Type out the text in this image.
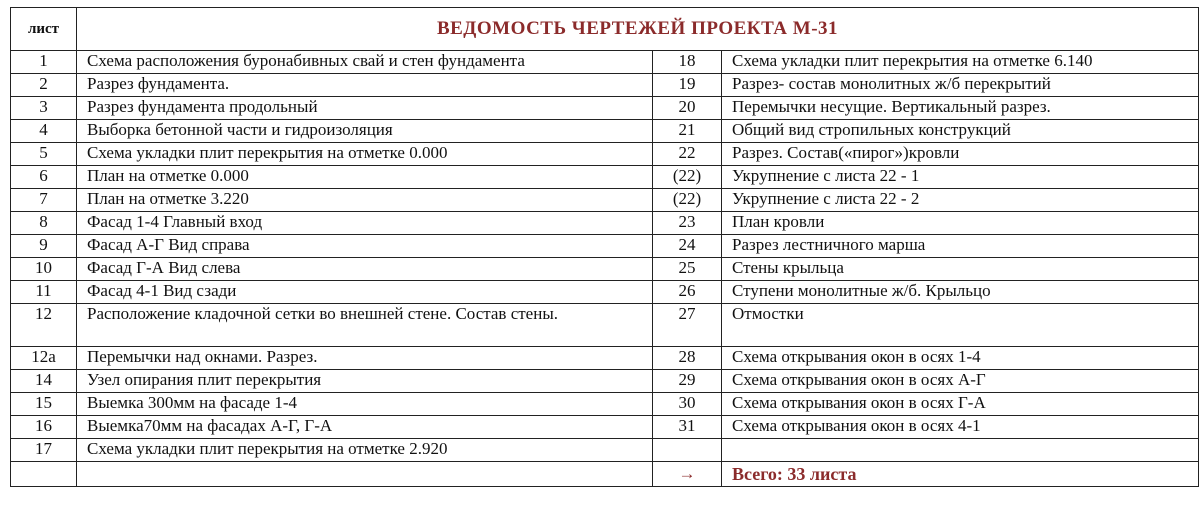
лист	ВЕДОМОСТЬ ЧЕРТЕЖЕЙ ПРОЕКТА М-31		
1	Схема расположения буронабивных свай и стен фундамента	18	Схема укладки плит перекрытия на отметке 6.140
2	Разрез фундамента.	19	Разрез- состав монолитных ж/б перекрытий
3	Разрез фундамента продольный	20	Перемычки несущие. Вертикальный разрез.
4	Выборка бетонной части и гидроизоляция	21	Общий вид стропильных конструкций
5	Схема укладки плит перекрытия на отметке 0.000	22	Разрез. Состав(«пирог»)кровли
6	План на отметке 0.000	(22)	Укрупнение с листа 22 - 1
7	План на отметке 3.220	(22)	Укрупнение с листа 22 - 2
8	Фасад 1-4 Главный вход	23	План кровли
9	Фасад А-Г Вид справа	24	Разрез лестничного марша
10	Фасад Г-А Вид слева	25	Стены крыльца
11	Фасад 4-1 Вид сзади	26	Ступени монолитные ж/б. Крыльцо
12	Расположение кладочной сетки во внешней стене. Состав стены.	27	Отмостки
12а	Перемычки над окнами. Разрез.	28	Схема открывания окон в осях 1-4
14	Узел опирания плит перекрытия	29	Схема открывания окон в осях А-Г
15	Выемка 300мм на фасаде 1-4	30	Схема открывания окон в осях Г-А
16	Выемка70мм на фасадах А-Г, Г-А	31	Схема открывания окон в осях 4-1
17	Схема укладки плит перекрытия на отметке 2.920		
		→	Всего: 33 листа
